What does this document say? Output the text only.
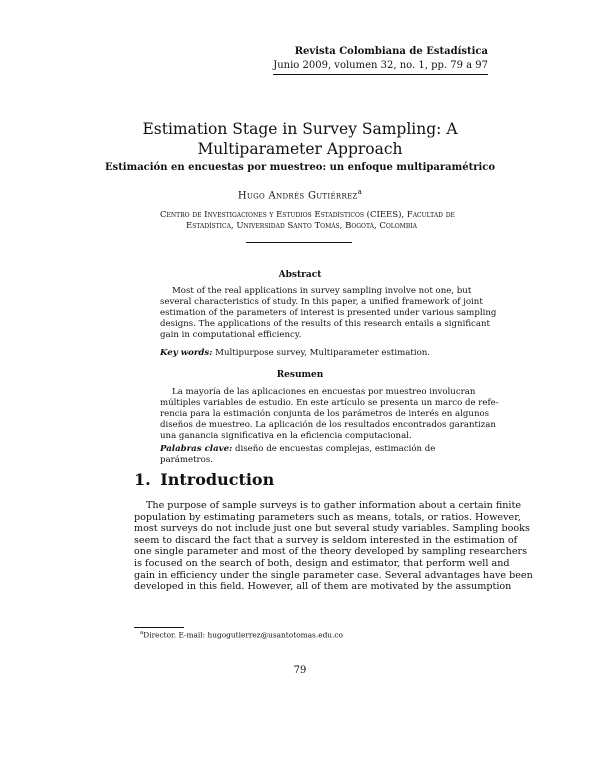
Revista Colombiana de Estadística
Junio 2009, volumen 32, no. 1, pp. 79 a 97
Estimation Stage in Survey Sampling: A
Multiparameter Approach
Estimación en encuestas por muestreo: un enfoque multiparamétrico
Hugo Andrés Gutiérrez$^a$
Centro de Investigaciones y Estudios Estadísticos (CIEES), Facultad de
Estadística, Universidad Santo Tomás, Bogotá, Colombia
Abstract
Most of the real applications in survey sampling involve not one, but
several characteristics of study. In this paper, a unified framework of joint
estimation of the parameters of interest is presented under various sampling
designs. The applications of the results of this research entails a significant
gain in computational efficiency.
Key words: Multipurpose survey, Multiparameter estimation.
Resumen
La mayoría de las aplicaciones en encuestas por muestreo involucran
múltiples variables de estudio. En este artículo se presenta un marco de refe-
rencia para la estimación conjunta de los parámetros de interés en algunos
diseños de muestreo. La aplicación de los resultados encontrados garantizan
una ganancia significativa en la eficiencia computacional.
Palabras clave: diseño de encuestas complejas, estimación de parámetros.
1. Introduction
The purpose of sample surveys is to gather information about a certain finite
population by estimating parameters such as means, totals, or ratios. However,
most surveys do not include just one but several study variables. Sampling books
seem to discard the fact that a survey is seldom interested in the estimation of
one single parameter and most of the theory developed by sampling researchers
is focused on the search of both, design and estimator, that perform well and
gain in efficiency under the single parameter case. Several advantages have been
developed in this field. However, all of them are motivated by the assumption
$^a$Director. E-mail: hugogutierrez@usantotomas.edu.co
79
